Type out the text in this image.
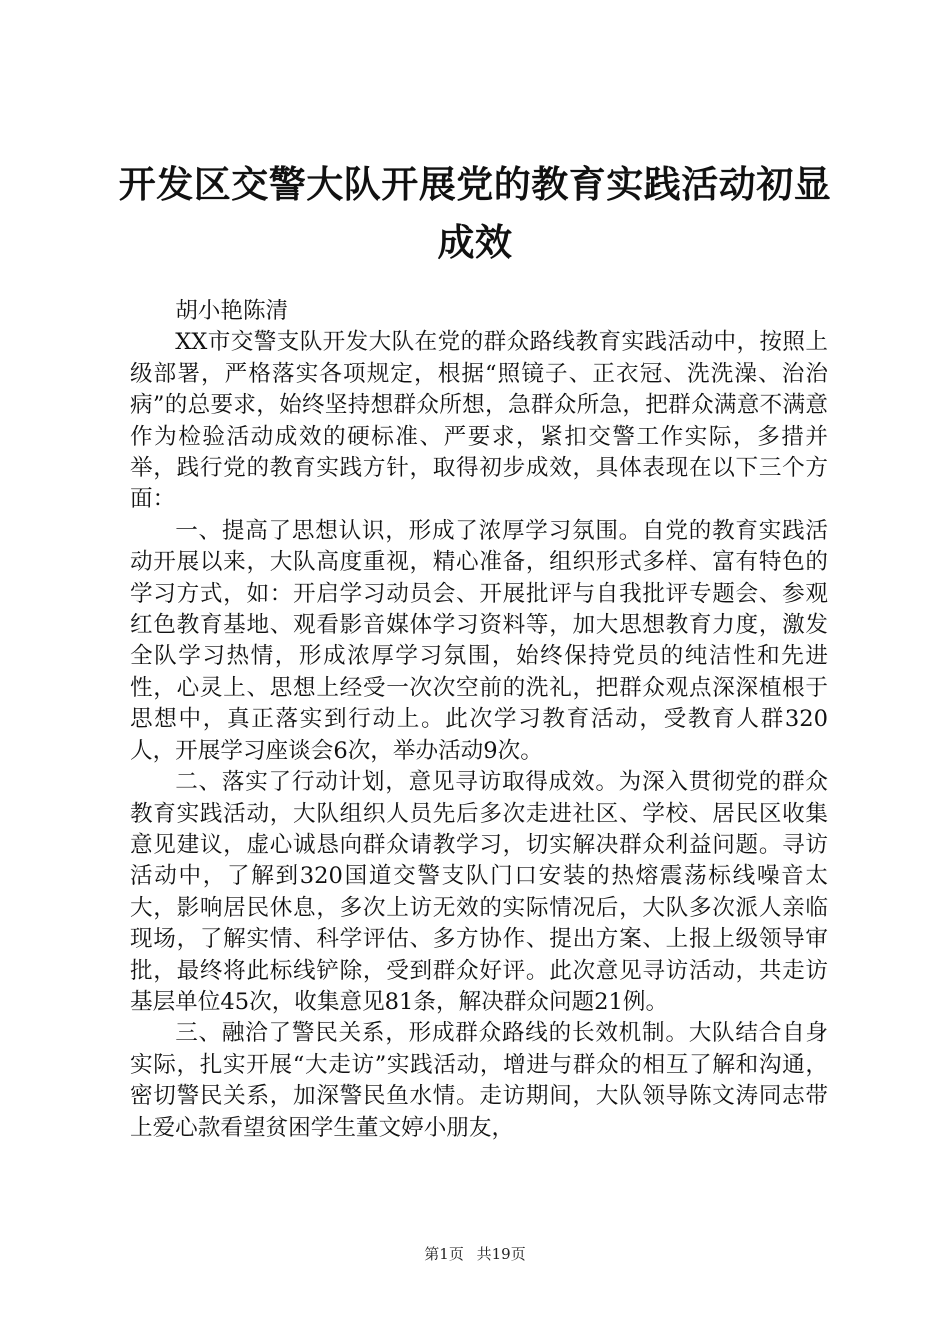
开发区交警大队开展党的教育实践活动初显成效

胡小艳陈清

XX市交警支队开发大队在党的群众路线教育实践活动中，按照上级部署，严格落实各项规定，根据“照镜子、正衣冠、洗洗澡、治治病”的总要求，始终坚持想群众所想，急群众所急，把群众满意不满意作为检验活动成效的硬标准、严要求，紧扣交警工作实际，多措并举，践行党的教育实践方针，取得初步成效，具体表现在以下三个方面：

一、提高了思想认识，形成了浓厚学习氛围。自党的教育实践活动开展以来，大队高度重视，精心准备，组织形式多样、富有特色的学习方式，如：开启学习动员会、开展批评与自我批评专题会、参观红色教育基地、观看影音媒体学习资料等，加大思想教育力度，激发全队学习热情，形成浓厚学习氛围，始终保持党员的纯洁性和先进性，心灵上、思想上经受一次次空前的洗礼，把群众观点深深植根于思想中，真正落实到行动上。此次学习教育活动，受教育人群320人，开展学习座谈会6次，举办活动9次。

二、落实了行动计划，意见寻访取得成效。为深入贯彻党的群众教育实践活动，大队组织人员先后多次走进社区、学校、居民区收集意见建议，虚心诚恳向群众请教学习，切实解决群众利益问题。寻访活动中，了解到320国道交警支队门口安装的热熔震荡标线噪音太大，影响居民休息，多次上访无效的实际情况后，大队多次派人亲临现场，了解实情、科学评估、多方协作、提出方案、上报上级领导审批，最终将此标线铲除，受到群众好评。此次意见寻访活动，共走访基层单位45次，收集意见81条，解决群众问题21例。

三、融洽了警民关系，形成群众路线的长效机制。大队结合自身实际，扎实开展“大走访”实践活动，增进与群众的相互了解和沟通，密切警民关系，加深警民鱼水情。走访期间，大队领导陈文涛同志带上爱心款看望贫困学生董文婷小朋友，

第1页 共19页
